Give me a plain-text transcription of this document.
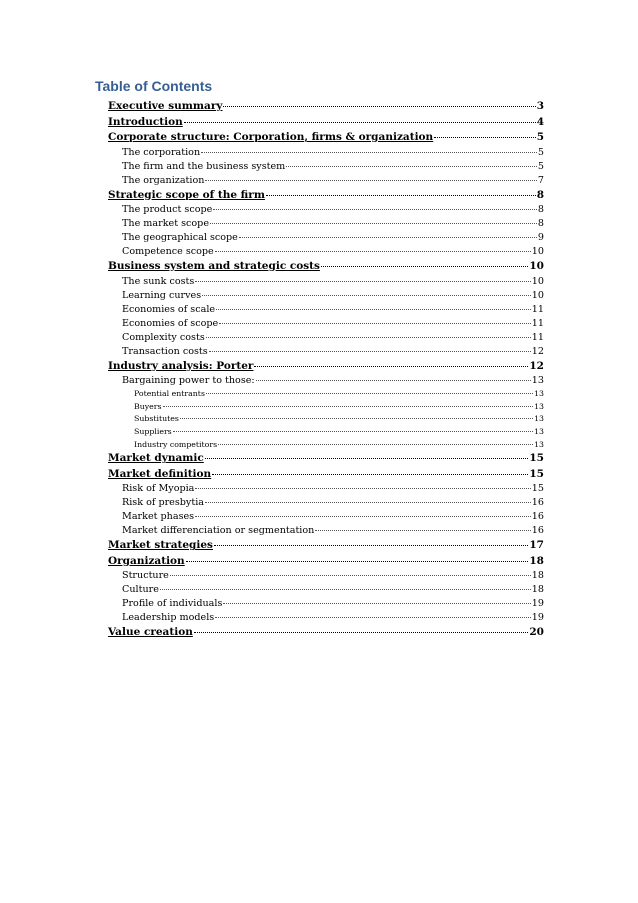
Table of Contents
Executive summary	3
Introduction	4
Corporate structure: Corporation, firms & organization	5
The corporation	5
The firm and the business system	5
The organization	7
Strategic scope of the firm	8
The product scope	8
The market scope	8
The geographical scope	9
Competence scope	10
Business system and strategic costs	10
The sunk costs	10
Learning curves	10
Economies of scale	11
Economies of scope	11
Complexity costs	11
Transaction costs	12
Industry analysis: Porter	12
Bargaining power to those:	13
Potential entrants	13
Buyers	13
Substitutes	13
Suppliers	13
Industry competitors	13
Market dynamic	15
Market definition	15
Risk of Myopia	15
Risk of presbytia	16
Market phases	16
Market differenciation or segmentation	16
Market strategies	17
Organization	18
Structure	18
Culture	18
Profile of individuals	19
Leadership models	19
Value creation	20
